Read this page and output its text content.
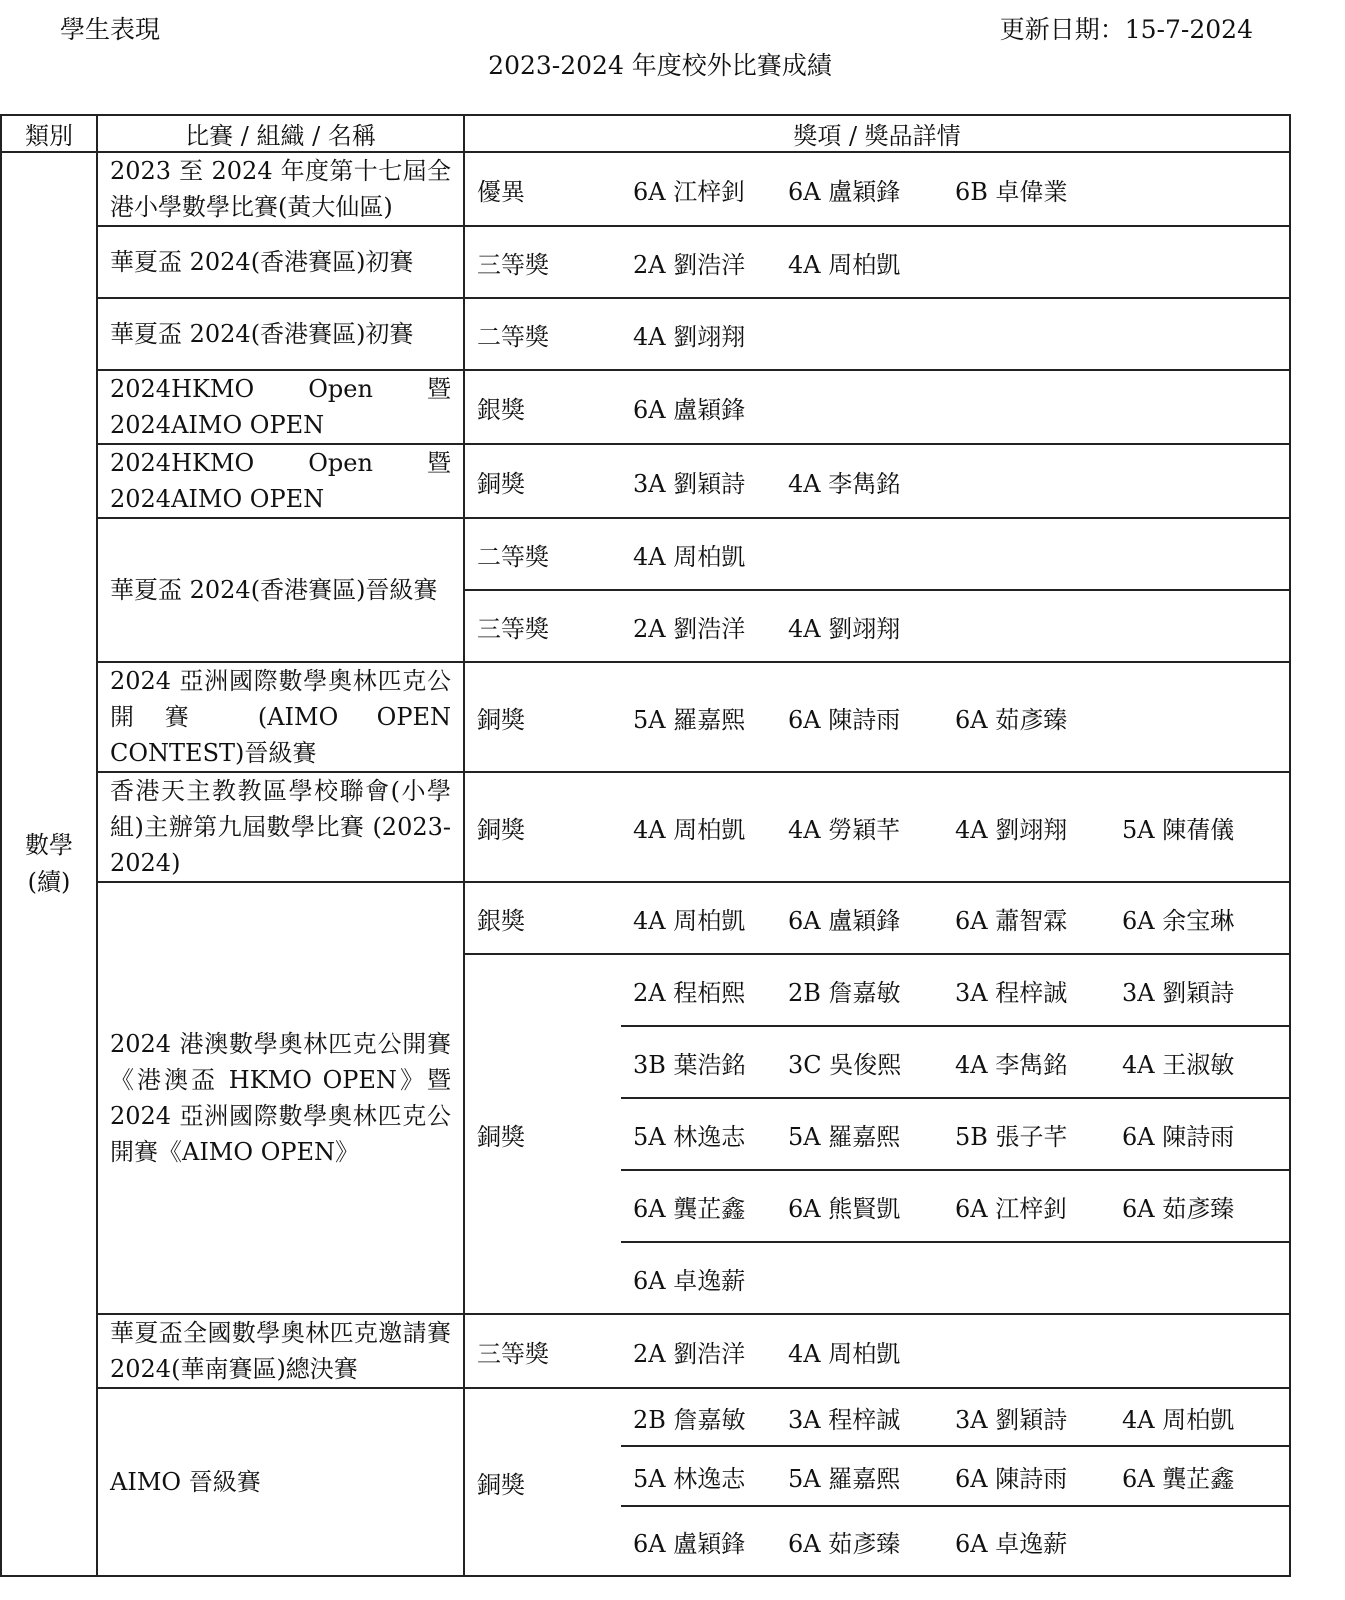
學生表現	更新日期：15-7-2024
2023-2024 年度校外比賽成績
類別	比賽 / 組織 / 名稱	獎項 / 獎品詳情	
數學
(續)	2023 至 2024 年度第十七屆全港小學數學比賽(黃大仙區)	優異	6A 江梓釗 6A 盧穎鋒 6B 卓偉業
	華夏盃 2024(香港賽區)初賽	三等獎	2A 劉浩洋 4A 周柏凱
	華夏盃 2024(香港賽區)初賽	二等獎	4A 劉翊翔
	2024HKMO Open 暨 2024AIMO OPEN	銀獎	6A 盧穎鋒
	2024HKMO Open 暨 2024AIMO OPEN	銅獎	3A 劉穎詩 4A 李雋銘
	華夏盃 2024(香港賽區)晉級賽	二等獎	4A 周柏凱
		三等獎	2A 劉浩洋 4A 劉翊翔
	2024 亞洲國際數學奧林匹克公開賽 (AIMO OPEN CONTEST)晉級賽	銅獎	5A 羅嘉熙 6A 陳詩雨 6A 茹彥臻
	香港天主教教區學校聯會(小學組)主辦第九屆數學比賽 (2023-2024)	銅獎	4A 周柏凱 4A 勞穎芊 4A 劉翊翔 5A 陳蒨儀
	2024 港澳數學奧林匹克公開賽《港澳盃 HKMO OPEN》暨 2024 亞洲國際數學奧林匹克公開賽《AIMO OPEN》	銀獎	4A 周柏凱 6A 盧穎鋒 6A 蕭智霖 6A 余宝琳
		銅獎	2A 程栢熙 2B 詹嘉敏 3A 程梓誠 3A 劉穎詩
			3B 葉浩銘 3C 吳俊熙 4A 李雋銘 4A 王淑敏
			5A 林逸志 5A 羅嘉熙 5B 張子芊 6A 陳詩雨
			6A 龔芷鑫 6A 熊賢凱 6A 江梓釗 6A 茹彥臻
			6A 卓逸薪
	華夏盃全國數學奧林匹克邀請賽 2024(華南賽區)總決賽	三等獎	2A 劉浩洋 4A 周柏凱
	AIMO 晉級賽	銅獎	2B 詹嘉敏 3A 程梓誠 3A 劉穎詩 4A 周柏凱
			5A 林逸志 5A 羅嘉熙 6A 陳詩雨 6A 龔芷鑫
			6A 盧穎鋒 6A 茹彥臻 6A 卓逸薪
